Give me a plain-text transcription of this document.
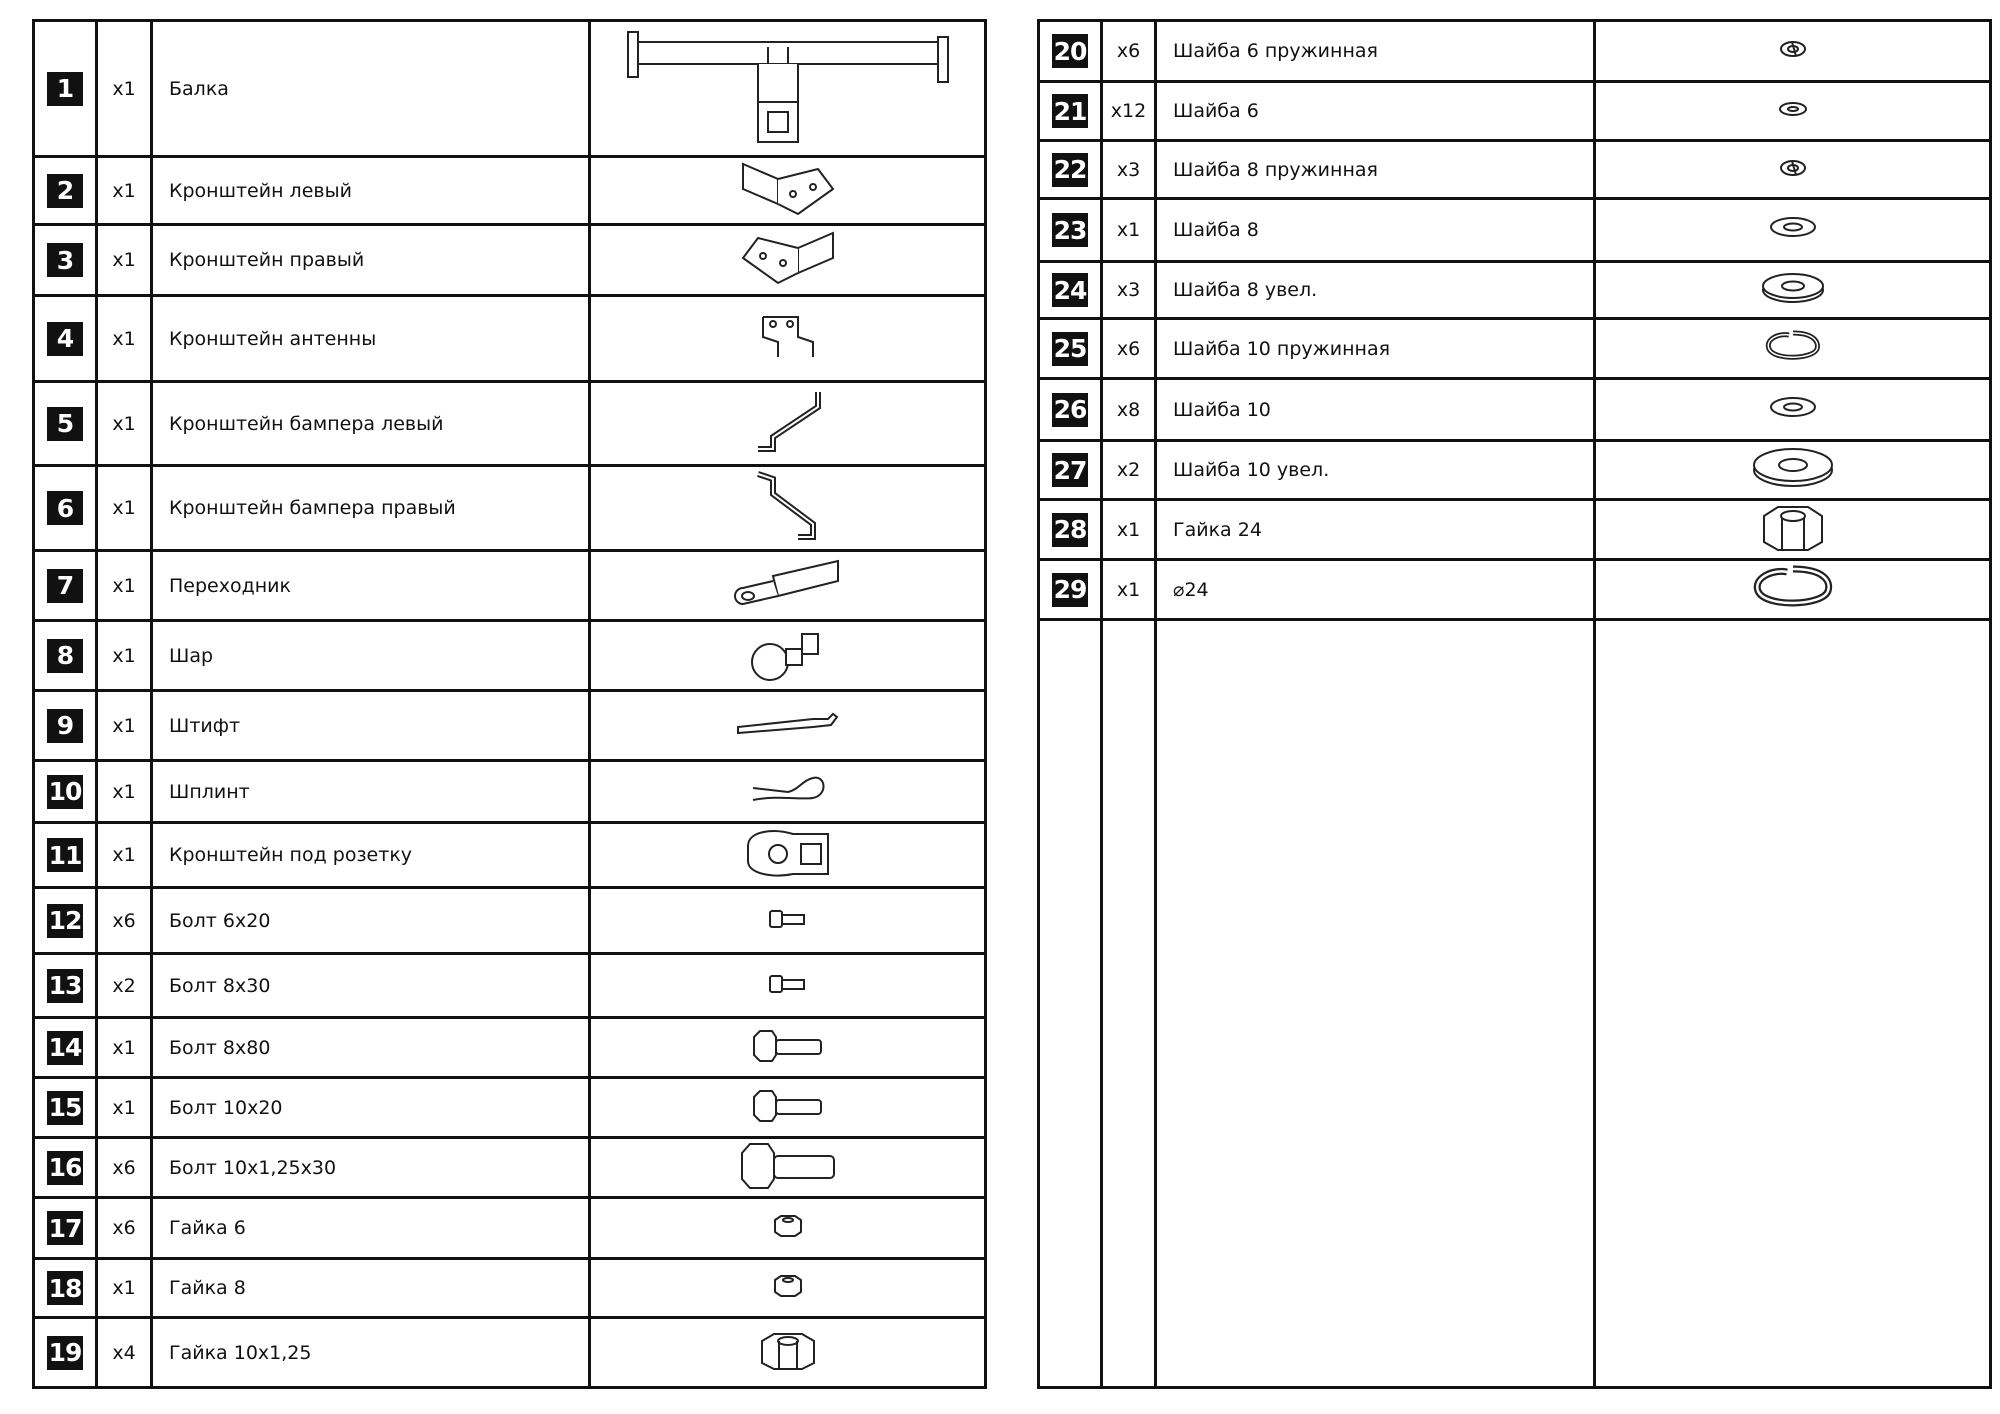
1	x1	Балка
2	x1	Кронштейн левый
3	x1	Кронштейн правый
4	x1	Кронштейн антенны
5	x1	Кронштейн бампера левый
6	x1	Кронштейн бампера правый
7	x1	Переходник
8	x1	Шар
9	x1	Штифт
10	x1	Шплинт
11	x1	Кронштейн под розетку
12	x6	Болт 6x20
13	x2	Болт 8x30
14	x1	Болт 8x80
15	x1	Болт 10x20
16	x6	Болт 10x1,25x30
17	x6	Гайка 6
18	x1	Гайка 8
19	x4	Гайка 10x1,25
20	x6	Шайба 6 пружинная
21	x12	Шайба 6
22	x3	Шайба 8 пружинная
23	x1	Шайба 8
24	x3	Шайба 8 увел.
25	x6	Шайба 10 пружинная
26	x8	Шайба 10
27	x2	Шайба 10 увел.
28	x1	Гайка 24
29	x1	⌀24
